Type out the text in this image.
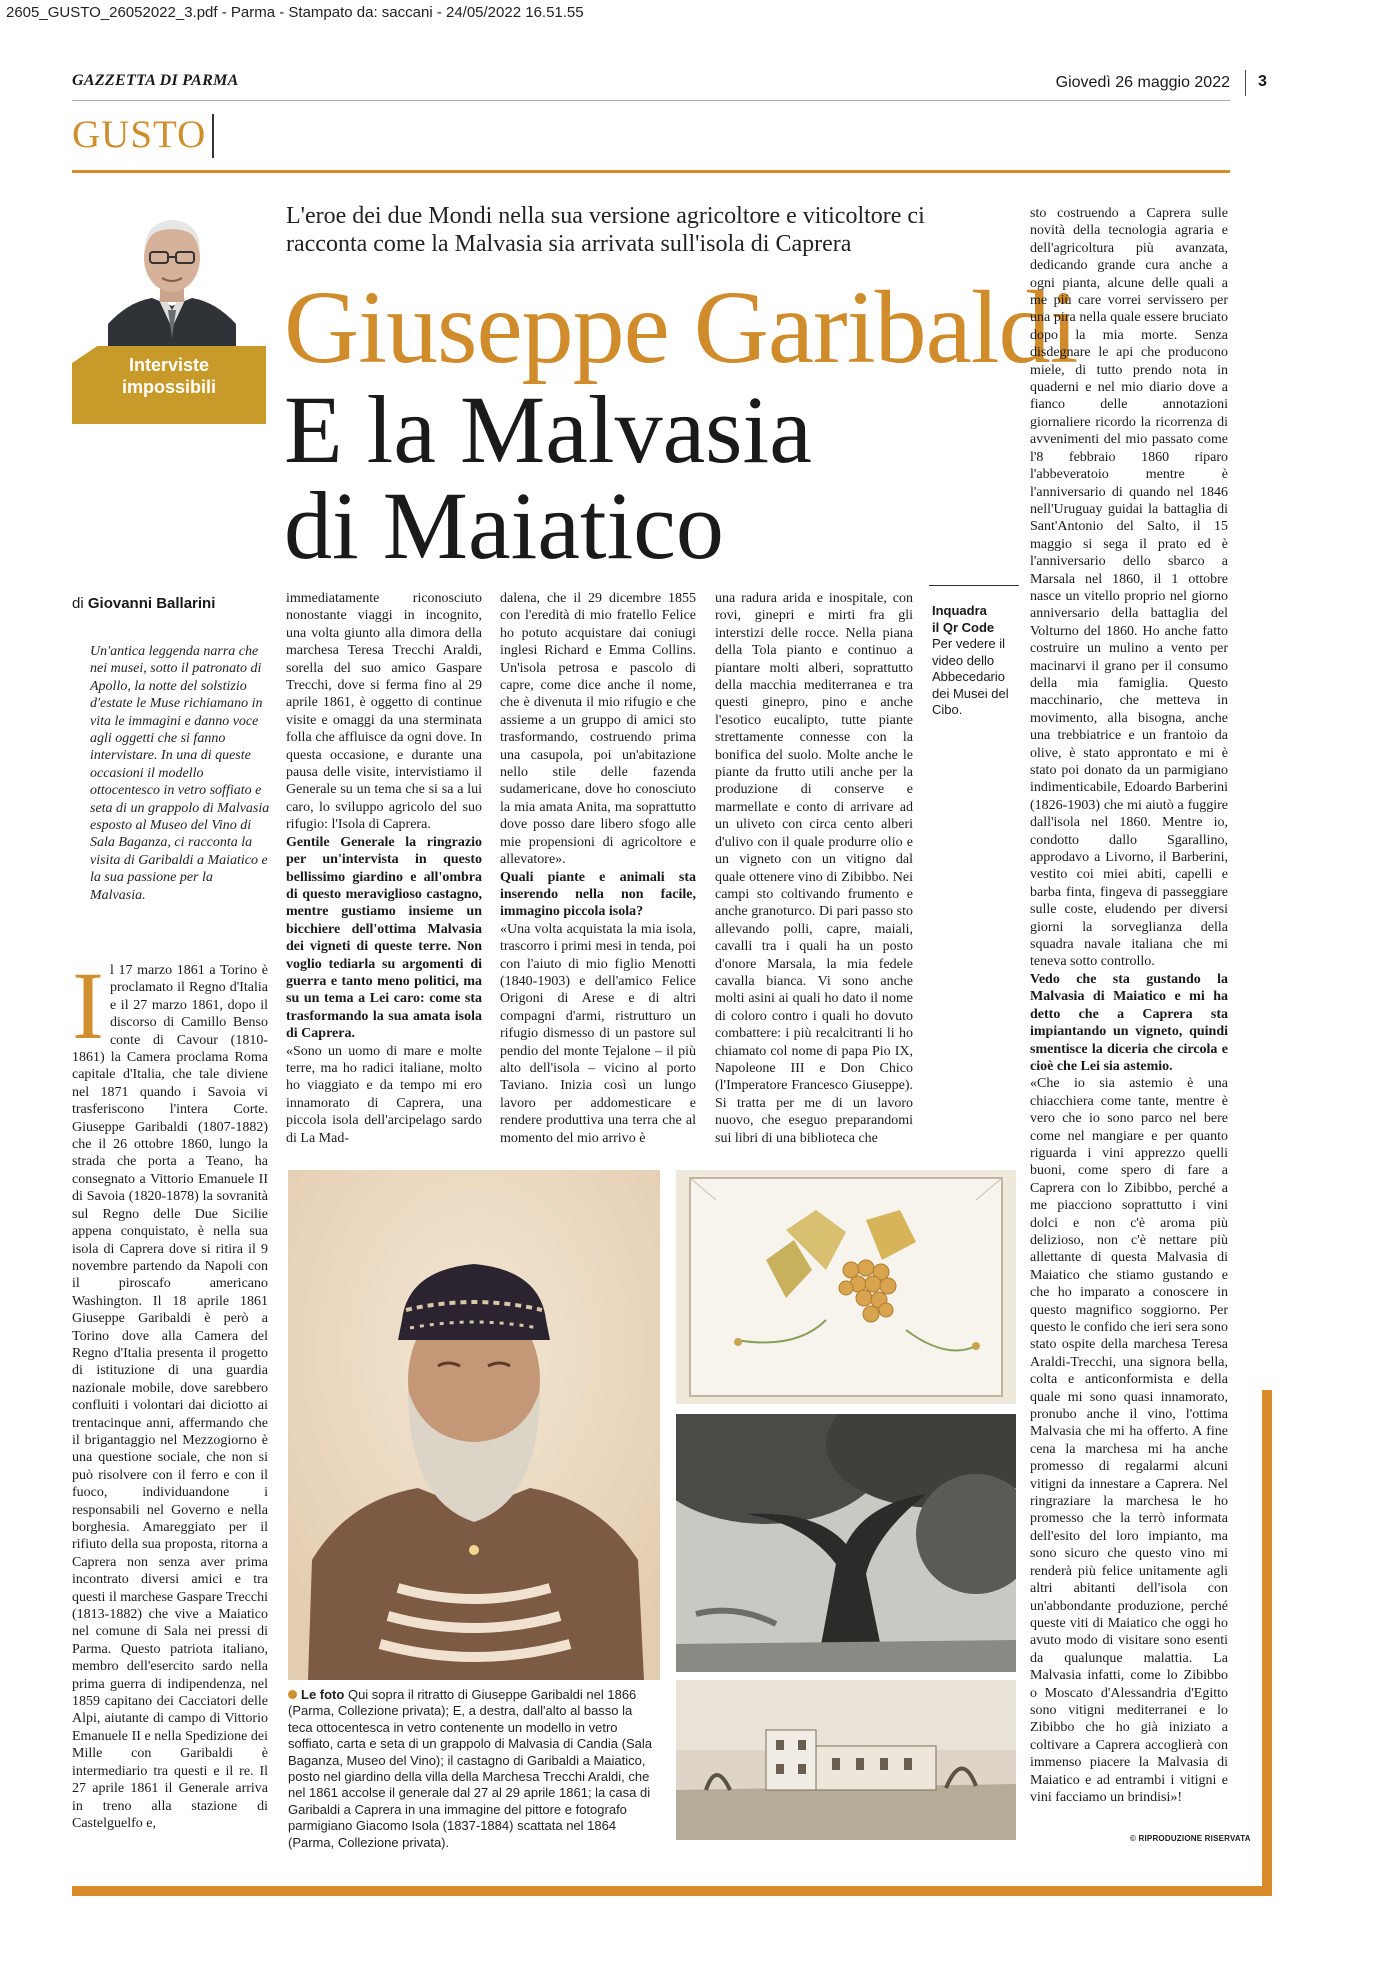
2605_GUSTO_26052022_3.pdf - Parma - Stampato da: saccani - 24/05/2022 16.51.55
GAZZETTA DI PARMA	Giovedì 26 maggio 2022 3
GUSTO
Interviste
impossibili
L'eroe dei due Mondi nella sua versione agricoltore e viticoltore ci racconta come la Malvasia sia arrivata sull'isola di Caprera
Giuseppe Garibaldi
E la Malvasia
di Maiatico
di Giovanni Ballarini
Un'antica leggenda narra che nei musei, sotto il patronato di Apollo, la notte del solstizio d'estate le Muse richiamano in vita le immagini e danno voce agli oggetti che si fanno intervistare. In una di queste occasioni il modello ottocentesco in vetro soffiato e seta di un grappolo di Malvasia esposto al Museo del Vino di Sala Baganza, ci racconta la visita di Garibaldi a Maiatico e la sua passione per la Malvasia.
I l 17 marzo 1861 a Torino è proclamato il Regno d'Italia e il 27 marzo 1861, dopo il discorso di Camillo Benso conte di Cavour (1810-1861) la Camera proclama Roma capitale d'Italia, che tale diviene nel 1871 quando i Savoia vi trasferiscono l'intera Corte. Giuseppe Garibaldi (1807-1882) che il 26 ottobre 1860, lungo la strada che porta a Teano, ha consegnato a Vittorio Emanuele II di Savoia (1820-1878) la sovranità sul Regno delle Due Sicilie appena conquistato, è nella sua isola di Caprera dove si ritira il 9 novembre partendo da Napoli con il piroscafo americano Washington. Il 18 aprile 1861 Giuseppe Garibaldi è però a Torino dove alla Camera del Regno d'Italia presenta il progetto di istituzione di una guardia nazionale mobile, dove sarebbero confluiti i volontari dai diciotto ai trentacinque anni, affermando che il brigantaggio nel Mezzogiorno è una questione sociale, che non si può risolvere con il ferro e con il fuoco, individuandone i responsabili nel Governo e nella borghesia. Amareggiato per il rifiuto della sua proposta, ritorna a Caprera non senza aver prima incontrato diversi amici e tra questi il marchese Gaspare Trecchi (1813-1882) che vive a Maiatico nel comune di Sala nei pressi di Parma. Questo patriota italiano, membro dell'esercito sardo nella prima guerra di indipendenza, nel 1859 capitano dei Cacciatori delle Alpi, aiutante di campo di Vittorio Emanuele II e nella Spedizione dei Mille con Garibaldi è intermediario tra questi e il re. Il 27 aprile 1861 il Generale arriva in treno alla stazione di Castelguelfo e,

immediatamente riconosciuto nonostante viaggi in incognito, una volta giunto alla dimora della marchesa Teresa Trecchi Araldi, sorella del suo amico Gaspare Trecchi, dove si ferma fino al 29 aprile 1861, è oggetto di continue visite e omaggi da una sterminata folla che affluisce da ogni dove. In questa occasione, e durante una pausa delle visite, intervistiamo il Generale su un tema che si sa a lui caro, lo sviluppo agricolo del suo rifugio: l'Isola di Caprera.

Gentile Generale la ringrazio per un'intervista in questo bellissimo giardino e all'ombra di questo meraviglioso castagno, mentre gustiamo insieme un bicchiere dell'ottima Malvasia dei vigneti di queste terre. Non voglio tediarla su argomenti di guerra e tanto meno politici, ma su un tema a Lei caro: come sta trasformando la sua amata isola di Caprera.

«Sono un uomo di mare e molte terre, ma ho radici italiane, molto ho viaggiato e da tempo mi ero innamorato di Caprera, una piccola isola dell'arcipelago sardo di La Mad-

dalena, che il 29 dicembre 1855 con l'eredità di mio fratello Felice ho potuto acquistare dai coniugi inglesi Richard e Emma Collins. Un'isola petrosa e pascolo di capre, come dice anche il nome, che è divenuta il mio rifugio e che assieme a un gruppo di amici sto trasformando, costruendo prima una casupola, poi un'abitazione nello stile delle fazenda sudamericane, dove ho conosciuto la mia amata Anita, ma soprattutto dove posso dare libero sfogo alle mie propensioni di agricoltore e allevatore».

Quali piante e animali sta inserendo nella non facile, immagino piccola isola?

«Una volta acquistata la mia isola, trascorro i primi mesi in tenda, poi con l'aiuto di mio figlio Menotti (1840-1903) e dell'amico Felice Origoni di Arese e di altri compagni d'armi, ristrutturo un rifugio dismesso di un pastore sul pendio del monte Tejalone – il più alto dell'isola – vicino al porto Taviano. Inizia così un lungo lavoro per addomesticare e rendere produttiva una terra che al momento del mio arrivo è

una radura arida e inospitale, con rovi, ginepri e mirti fra gli interstizi delle rocce. Nella piana della Tola pianto e continuo a piantare molti alberi, soprattutto della macchia mediterranea e tra questi ginepro, pino e anche l'esotico eucalipto, tutte piante strettamente connesse con la bonifica del suolo. Molte anche le piante da frutto utili anche per la produzione di conserve e marmellate e conto di arrivare ad un uliveto con circa cento alberi d'ulivo con il quale produrre olio e un vigneto con un vitigno dal quale ottenere vino di Zibibbo. Nei campi sto coltivando frumento e anche granoturco. Di pari passo sto allevando polli, capre, maiali, cavalli tra i quali ha un posto d'onore Marsala, la mia fedele cavalla bianca. Vi sono anche molti asini ai quali ho dato il nome di coloro contro i quali ho dovuto combattere: i più recalcitranti li ho chiamato col nome di papa Pio IX, Napoleone III e Don Chico (l'Imperatore Francesco Giuseppe). Si tratta per me di un lavoro nuovo, che eseguo preparandomi sui libri di una biblioteca che

Inquadra
il Qr Code
Per vedere il video dello Abbecedario dei Musei del Cibo.

sto costruendo a Caprera sulle novità della tecnologia agraria e dell'agricoltura più avanzata, dedicando grande cura anche a ogni pianta, alcune delle quali a me più care vorrei servissero per una pira nella quale essere bruciato dopo la mia morte. Senza disdegnare le api che producono miele, di tutto prendo nota in quaderni e nel mio diario dove a fianco delle annotazioni giornaliere ricordo la ricorrenza di avvenimenti del mio passato come l'8 febbraio 1860 riparo l'abbeveratoio mentre è l'anniversario di quando nel 1846 nell'Uruguay guidai la battaglia di Sant'Antonio del Salto, il 15 maggio si sega il prato ed è l'anniversario dello sbarco a Marsala nel 1860, il 1 ottobre nasce un vitello proprio nel giorno anniversario della battaglia del Volturno del 1860. Ho anche fatto costruire un mulino a vento per macinarvi il grano per il consumo della mia famiglia. Questo macchinario, che metteva in movimento, alla bisogna, anche una trebbiatrice e un frantoio da olive, è stato approntato e mi è stato poi donato da un parmigiano indimenticabile, Edoardo Barberini (1826-1903) che mi aiutò a fuggire dall'isola nel 1860. Mentre io, condotto dallo Sgarallino, approdavo a Livorno, il Barberini, vestito coi miei abiti, capelli e barba finta, fingeva di passeggiare sulle coste, eludendo per diversi giorni la sorveglianza della squadra navale italiana che mi teneva sotto controllo.

Vedo che sta gustando la Malvasia di Maiatico e mi ha detto che a Caprera sta impiantando un vigneto, quindi smentisce la diceria che circola e cioè che Lei sia astemio.

«Che io sia astemio è una chiacchiera come tante, mentre è vero che io sono parco nel bere come nel mangiare e per quanto riguarda i vini apprezzo quelli buoni, come spero di fare a Caprera con lo Zibibbo, perché a me piacciono soprattutto i vini dolci e non c'è aroma più delizioso, non c'è nettare più allettante di questa Malvasia di Maiatico che stiamo gustando e che ho imparato a conoscere in questo magnifico soggiorno. Per questo le confido che ieri sera sono stato ospite della marchesa Teresa Araldi-Trecchi, una signora bella, colta e anticonformista e della quale mi sono quasi innamorato, pronubo anche il vino, l'ottima Malvasia che mi ha offerto. A fine cena la marchesa mi ha anche promesso di regalarmi alcuni vitigni da innestare a Caprera. Nel ringraziare la marchesa le ho promesso che la terrò informata dell'esito del loro impianto, ma sono sicuro che questo vino mi renderà più felice unitamente agli altri abitanti dell'isola con un'abbondante produzione, perché queste viti di Maiatico che oggi ho avuto modo di visitare sono esenti da qualunque malattia. La Malvasia infatti, come lo Zibibbo o Moscato d'Alessandria d'Egitto sono vitigni mediterranei e lo Zibibbo che ho già iniziato a coltivare a Caprera accoglierà con immenso piacere la Malvasia di Maiatico e ad entrambi i vitigni e vini facciamo un brindisi»!

Le foto Qui sopra il ritratto di Giuseppe Garibaldi nel 1866 (Parma, Collezione privata); E, a destra, dall'alto al basso la teca ottocentesca in vetro contenente un modello in vetro soffiato, carta e seta di un grappolo di Malvasia di Candia (Sala Baganza, Museo del Vino); il castagno di Garibaldi a Maiatico, posto nel giardino della villa della Marchesa Trecchi Araldi, che nel 1861 accolse il generale dal 27 al 29 aprile 1861; la casa di Garibaldi a Caprera in una immagine del pittore e fotografo parmigiano Giacomo Isola (1837-1884) scattata nel 1864 (Parma, Collezione privata).	© RIPRODUZIONE RISERVATA
